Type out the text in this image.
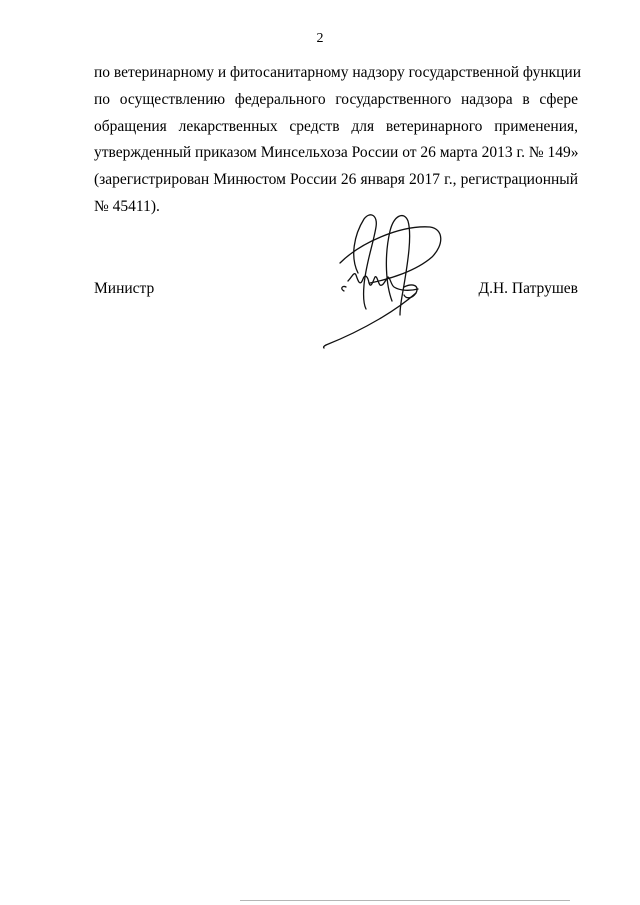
2
по ветеринарному и фитосанитарному надзору государственной функции
по осуществлению федерального государственного надзора в сфере
обращения лекарственных средств для ветеринарного применения,
утвержденный приказом Минсельхоза России от 26 марта 2013 г. № 149»
(зарегистрирован Минюстом России 26 января 2017 г., регистрационный
№ 45411).
Министр	Д.Н. Патрушев
